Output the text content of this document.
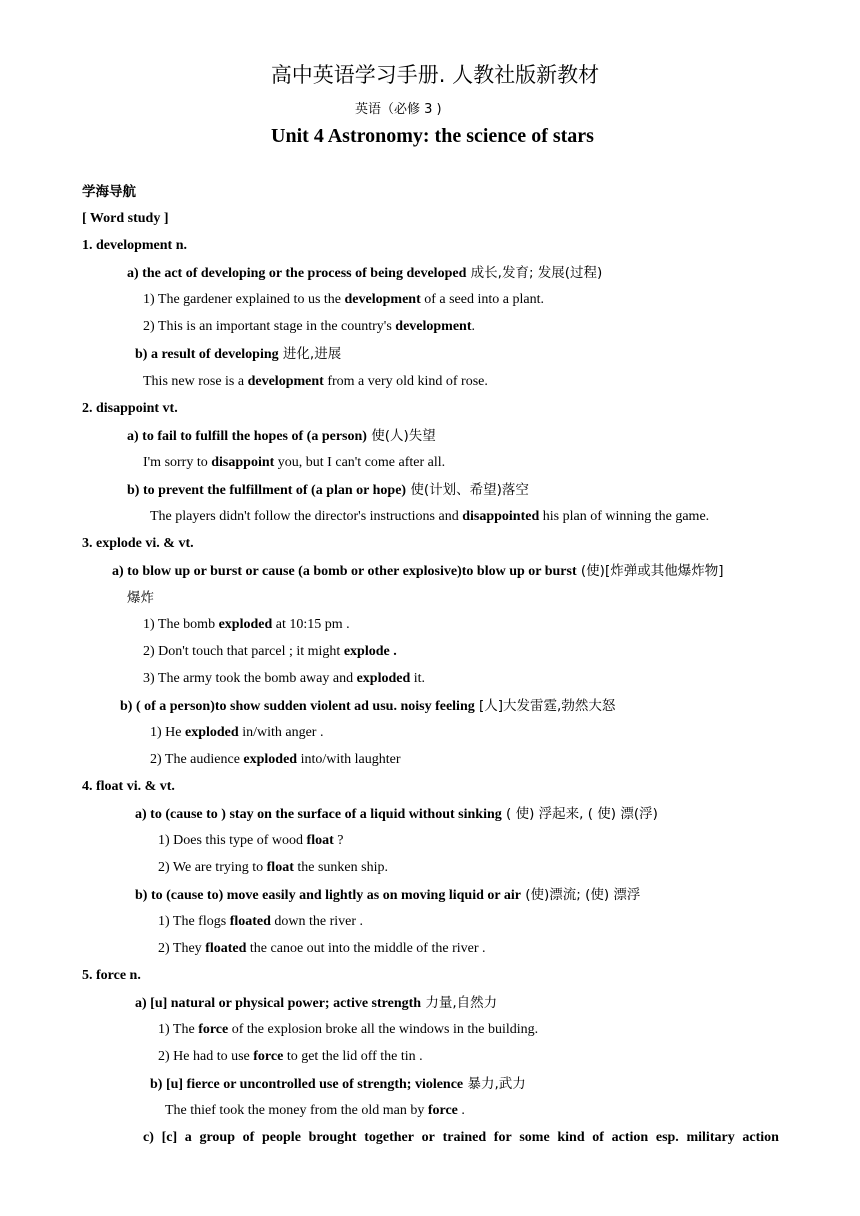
高中英语学习手册. 人教社版新教材
英语（必修 3 )
Unit 4 Astronomy: the science of stars
学海导航
[ Word study ]
1. development n.
a) the act of developing or the process of being developed 成长,发育; 发展(过程)
1) The gardener explained to us the development of a seed into a plant.
2) This is an important stage in the country's development.
b) a result of developing 进化,进展
This new rose is a development from a very old kind of rose.
2. disappoint vt.
a) to fail to fulfill the hopes of (a person) 使(人)失望
I'm sorry to disappoint you, but I can't come after all.
b) to prevent the fulfillment of (a plan or hope) 使(计划、希望)落空
The players didn't follow the director's instructions and disappointed his plan of winning the game.
3. explode vi. & vt.
a) to blow up or burst or cause (a bomb or other explosive)to blow up or burst (使)[炸弹或其他爆炸物]
爆炸
1) The bomb exploded at 10:15 pm .
2) Don't touch that parcel ; it might explode .
3) The army took the bomb away and exploded it.
b) ( of a person)to show sudden violent ad usu. noisy feeling [人]大发雷霆,勃然大怒
1) He exploded in/with anger .
2) The audience exploded into/with laughter
4. float vi. & vt.
a) to (cause to ) stay on the surface of a liquid without sinking ( 使) 浮起来, ( 使) 漂(浮)
1) Does this type of wood float ?
2) We are trying to float the sunken ship.
b) to (cause to) move easily and lightly as on moving liquid or air (使)漂流; (使) 漂浮
1) The flogs floated down the river .
2) They floated the canoe out into the middle of the river .
5. force n.
a) [u] natural or physical power; active strength 力量,自然力
1) The force of the explosion broke all the windows in the building.
2) He had to use force to get the lid off the tin .
b) [u] fierce or uncontrolled use of strength; violence 暴力,武力
The thief took the money from the old man by force .
c) [c] a group of people brought together or trained for some kind of action esp. military action
